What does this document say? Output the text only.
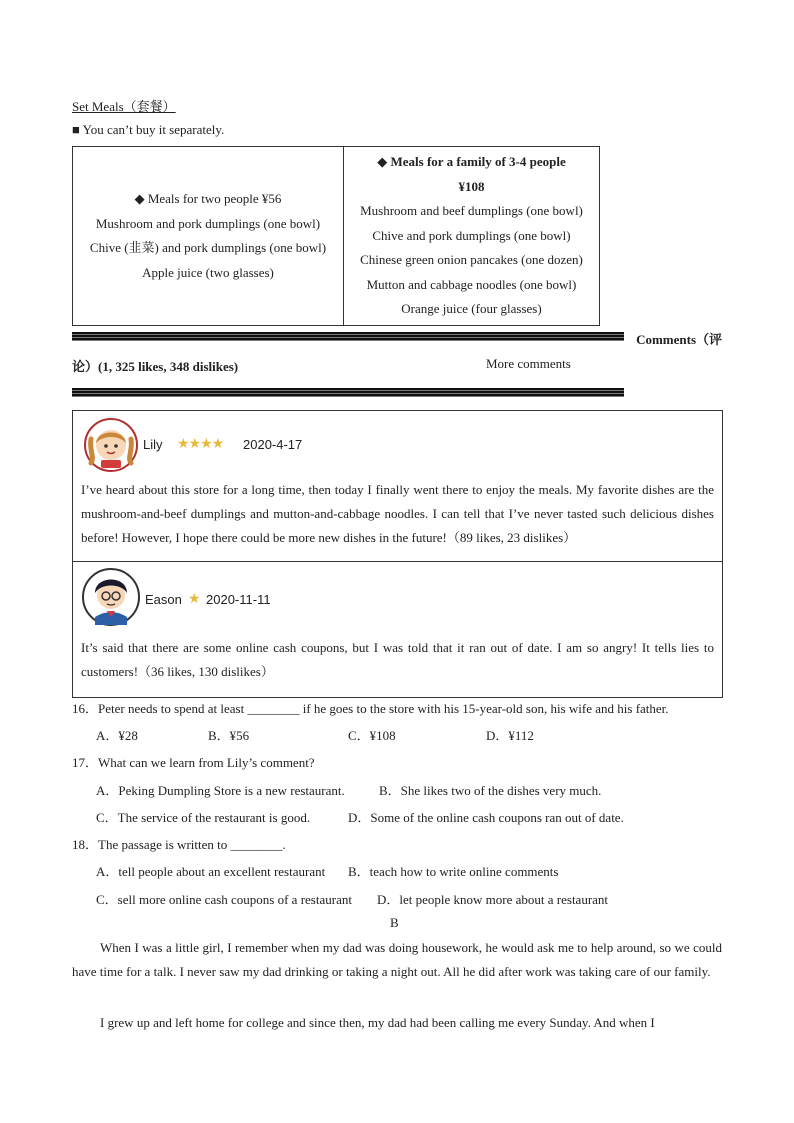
Set Meals（套餐）
■ You can’t buy it separately.
◆ Meals for two people ¥56
Mushroom and pork dumplings (one bowl)
Chive (韭菜) and pork dumplings (one bowl)
Apple juice (two glasses)

◆ Meals for a family of 3-4 people
¥108
Mushroom and beef dumplings (one bowl)
Chive and pork dumplings (one bowl)
Chinese green onion pancakes (one dozen)
Mutton and cabbage noodles (one bowl)
Orange juice (four glasses)
Comments（评
论）(1, 325 likes, 348 dislikes)	More comments
Lily ★★★★ 2020-4-17
I’ve heard about this store for a long time, then today I finally went there to enjoy the meals. My favorite dishes are the mushroom-and-beef dumplings and mutton-and-cabbage noodles. I can tell that I’ve never tasted such delicious dishes before! However, I hope there could be more new dishes in the future!（89 likes, 23 dislikes）
Eason ★ 2020-11-11
It’s said that there are some online cash coupons, but I was told that it ran out of date. I am so angry! It tells lies to customers!（36 likes, 130 dislikes）
16．Peter needs to spend at least ________ if he goes to the store with his 15-year-old son, his wife and his father.
A．¥28	B．¥56	C．¥108	D．¥112
17．What can we learn from Lily’s comment?
A．Peking Dumpling Store is a new restaurant.	B．She likes two of the dishes very much.
C．The service of the restaurant is good.	D．Some of the online cash coupons ran out of date.
18．The passage is written to ________.
A．tell people about an excellent restaurant B．teach how to write online comments
C．sell more online cash coupons of a restaurant D．let people know more about a restaurant
B
When I was a little girl, I remember when my dad was doing housework, he would ask me to help around, so we could have time for a talk. I never saw my dad drinking or taking a night out. All he did after work was taking care of our family.
I grew up and left home for college and since then, my dad had been calling me every Sunday. And when I
